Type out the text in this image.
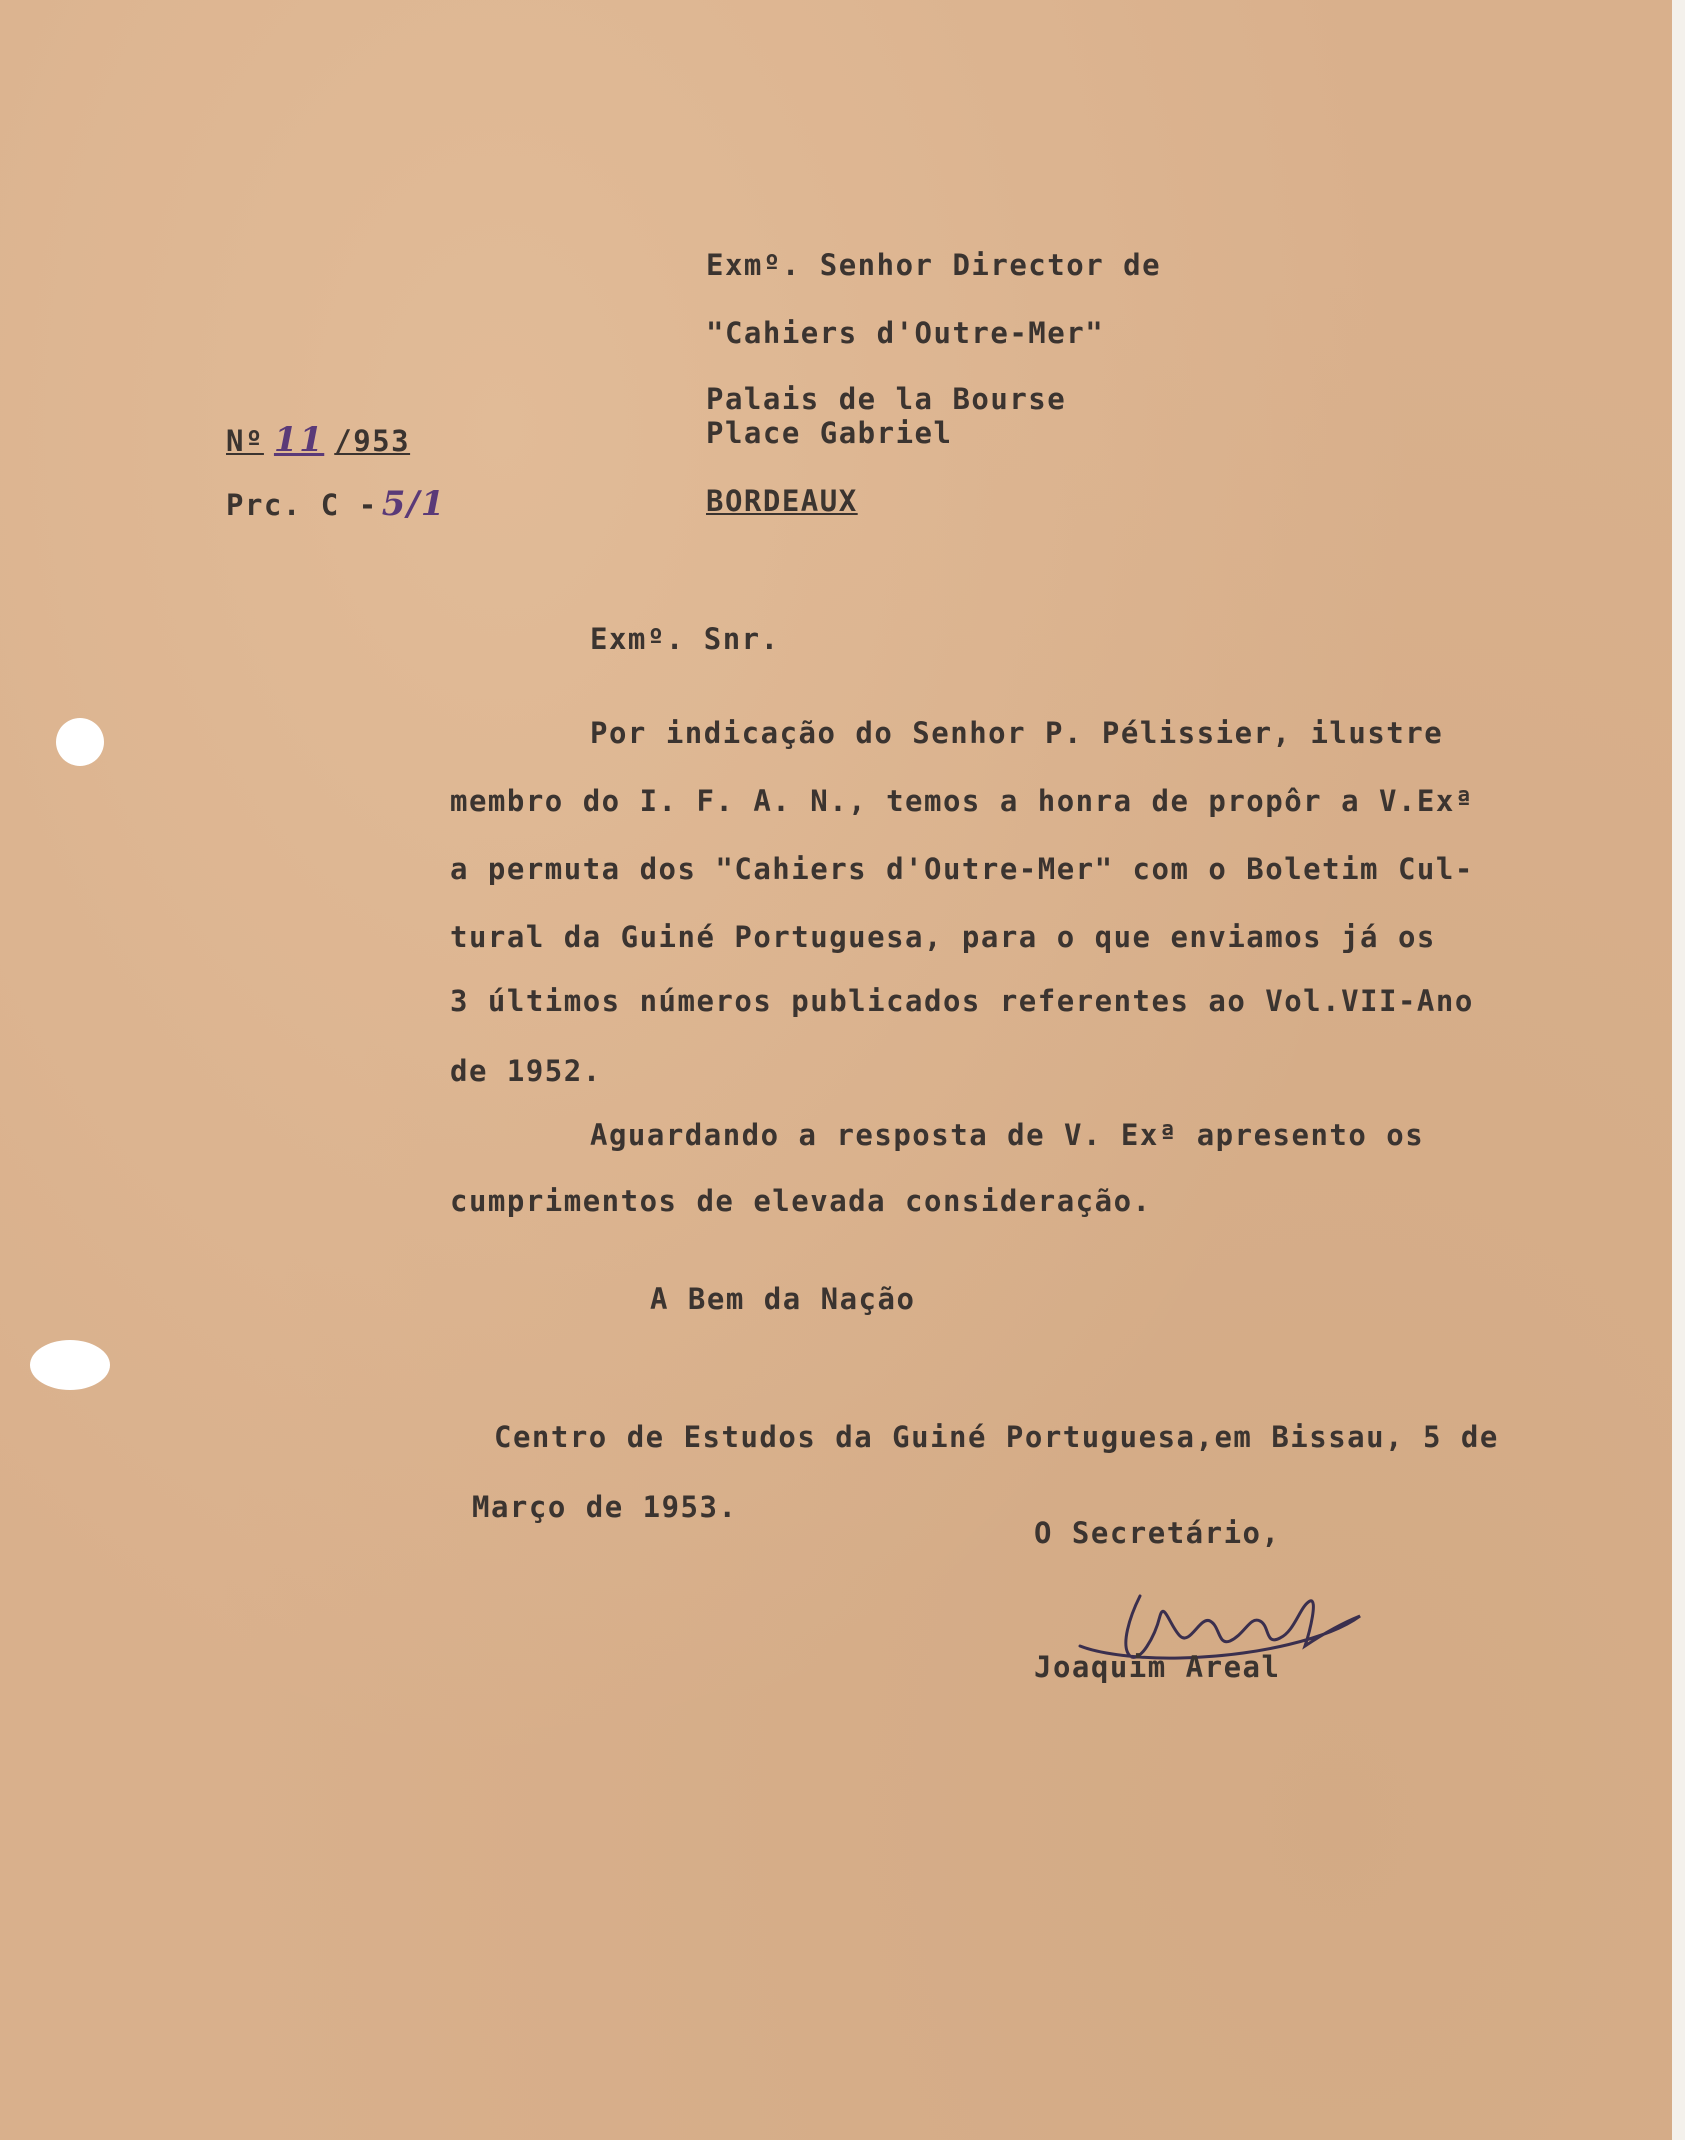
Exmº. Senhor Director de
"Cahiers d'Outre-Mer"
Palais de la Bourse
Place Gabriel
BORDEAUX
Nº 11 /953
Prc. C - 5/1
Exmº. Snr.
Por indicação do Senhor P. Pélissier, ilustre
membro do I. F. A. N., temos a honra de propôr a V.Exª
a permuta dos "Cahiers d'Outre-Mer" com o Boletim Cul-
tural da Guiné Portuguesa, para o que enviamos já os
3 últimos números publicados referentes ao Vol.VII-Ano
de 1952.
Aguardando a resposta de V. Exª apresento os
cumprimentos de elevada consideração.
A Bem da Nação
Centro de Estudos da Guiné Portuguesa,em Bissau, 5 de
Março de 1953.
O Secretário,
Joaquim Areal
